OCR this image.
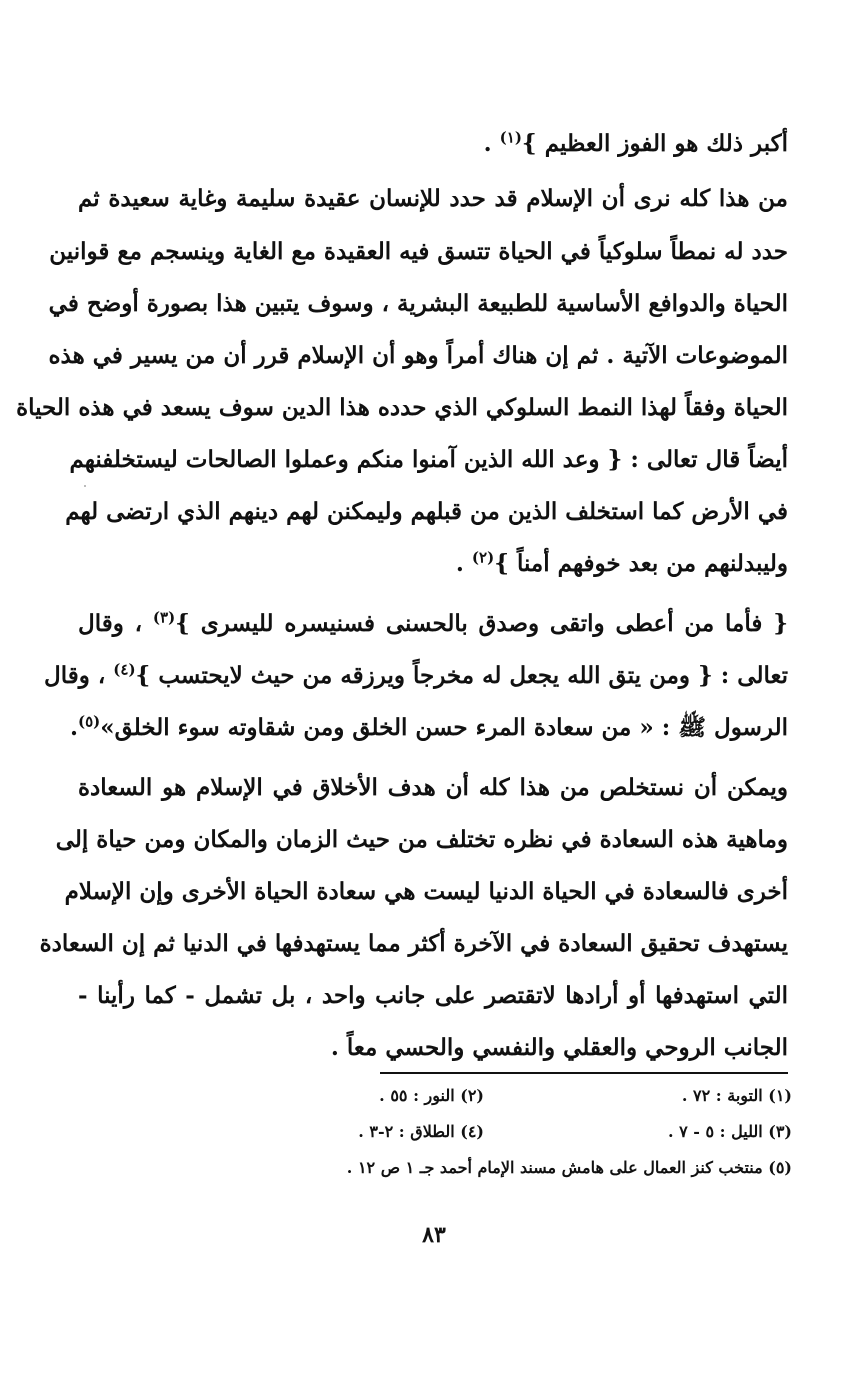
أكبر ذلك هو الفوز العظيم }$^{(١)}$ .
من هذا كله نرى أن الإسلام قد حدد للإنسان عقيدة سليمة وغاية سعيدة ثم
حدد له نمطاً سلوكياً في الحياة تتسق فيه العقيدة مع الغاية وينسجم مع قوانين
الحياة والدوافع الأساسية للطبيعة البشرية ، وسوف يتبين هذا بصورة أوضح في
الموضوعات الآتية . ثم إن هناك أمراً وهو أن الإسلام قرر أن من يسير في هذه
الحياة وفقاً لهذا النمط السلوكي الذي حدده هذا الدين سوف يسعد في هذه الحياة
أيضاً قال تعالى : { وعد الله الذين آمنوا منكم وعملوا الصالحات ليستخلفنهم
في الأرض كما استخلف الذين من قبلهم وليمكنن لهم دينهم الذي ارتضى لهم
وليبدلنهم من بعد خوفهم أمناً }$^{(٢)}$ .
{ فأما من أعطى واتقى وصدق بالحسنى فسنيسره لليسرى }$^{(٣)}$ ، وقال
تعالى : { ومن يتق الله يجعل له مخرجاً ويرزقه من حيث لايحتسب }$^{(٤)}$ ، وقال
الرسول ﷺ : « من سعادة المرء حسن الخلق ومن شقاوته سوء الخلق»$^{(٥)}$.
ويمكن أن نستخلص من هذا كله أن هدف الأخلاق في الإسلام هو السعادة
وماهية هذه السعادة في نظره تختلف من حيث الزمان والمكان ومن حياة إلى
أخرى فالسعادة في الحياة الدنيا ليست هي سعادة الحياة الأخرى وإن الإسلام
يستهدف تحقيق السعادة في الآخرة أكثر مما يستهدفها في الدنيا ثم إن السعادة
التي استهدفها أو أرادها لاتقتصر على جانب واحد ، بل تشمل - كما رأينا -
الجانب الروحي والعقلي والنفسي والحسي معاً .
(١) التوبة : ٧٢ .
(٢) النور : ٥٥ .
(٣) الليل : ٥ - ٧ .
(٤) الطلاق : ٢-٣ .
(٥) منتخب كنز العمال على هامش مسند الإمام أحمد جـ ١ ص ١٢ .
٨٣
